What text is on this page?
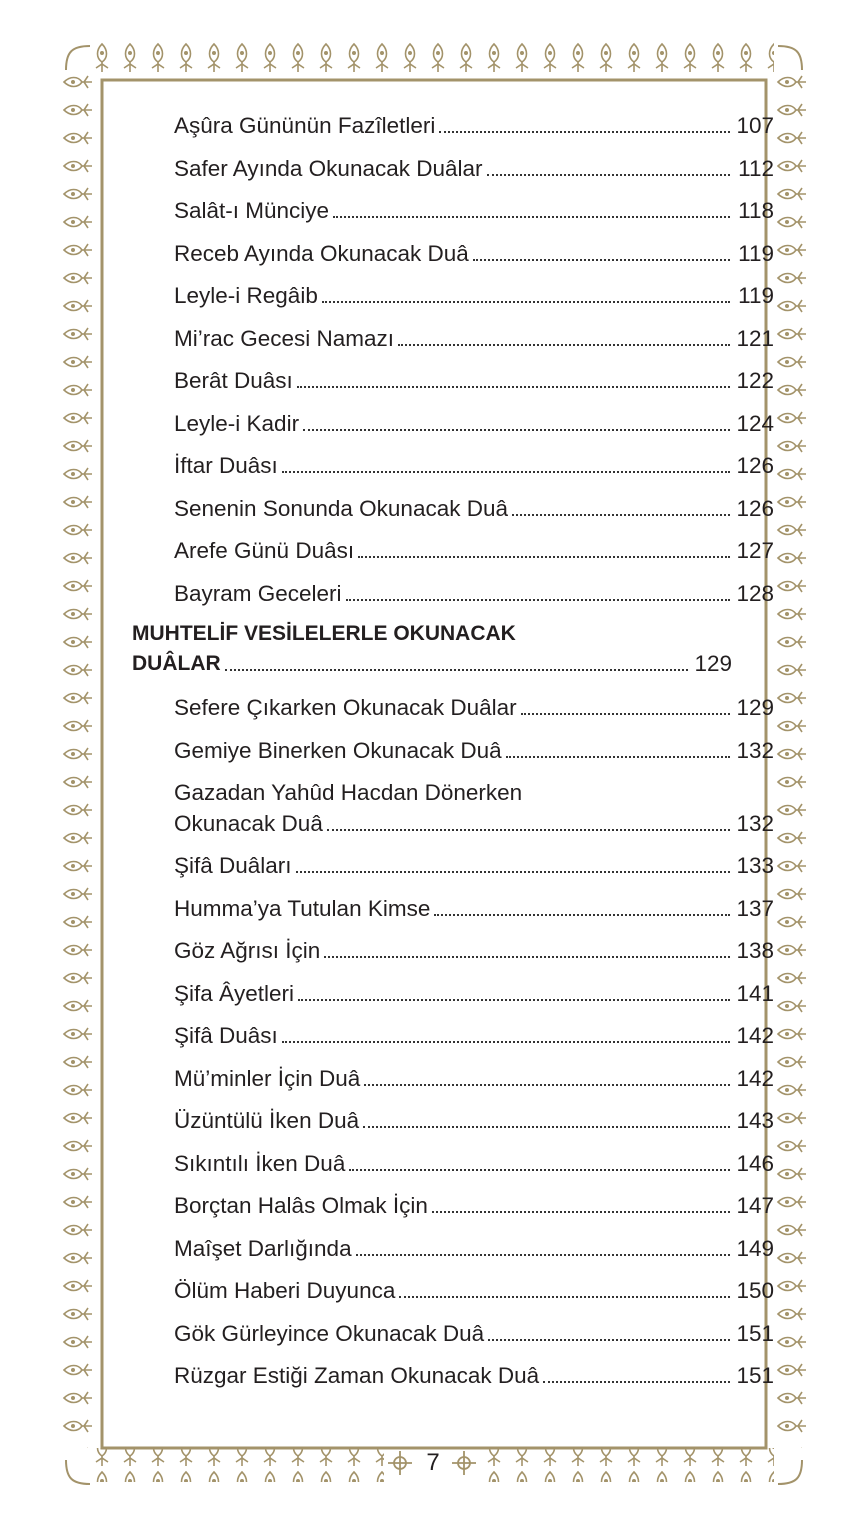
Aşûra Gününün Fazîletleri	107
Safer Ayında Okunacak Duâlar	112
Salât-ı Münciye	118
Receb Ayında Okunacak Duâ	119
Leyle-i Regâib	119
Mi’rac Gecesi Namazı	121
Berât Duâsı	122
Leyle-i Kadir	124
İftar Duâsı	126
Senenin Sonunda Okunacak Duâ	126
Arefe Günü Duâsı	127
Bayram Geceleri	128
MUHTELİF VESİLELERLE OKUNACAK
DUÂLAR	129
Sefere Çıkarken Okunacak Duâlar	129
Gemiye Binerken Okunacak Duâ	132
Gazadan Yahûd Hacdan Dönerken
Okunacak Duâ	132
Şifâ Duâları	133
Humma’ya Tutulan Kimse	137
Göz Ağrısı İçin	138
Şifa Âyetleri	141
Şifâ Duâsı	142
Mü’minler İçin Duâ	142
Üzüntülü İken Duâ	143
Sıkıntılı İken Duâ	146
Borçtan Halâs Olmak İçin	147
Maîşet Darlığında	149
Ölüm Haberi Duyunca	150
Gök Gürleyince Okunacak Duâ	151
Rüzgar Estiği Zaman Okunacak Duâ	151
7
